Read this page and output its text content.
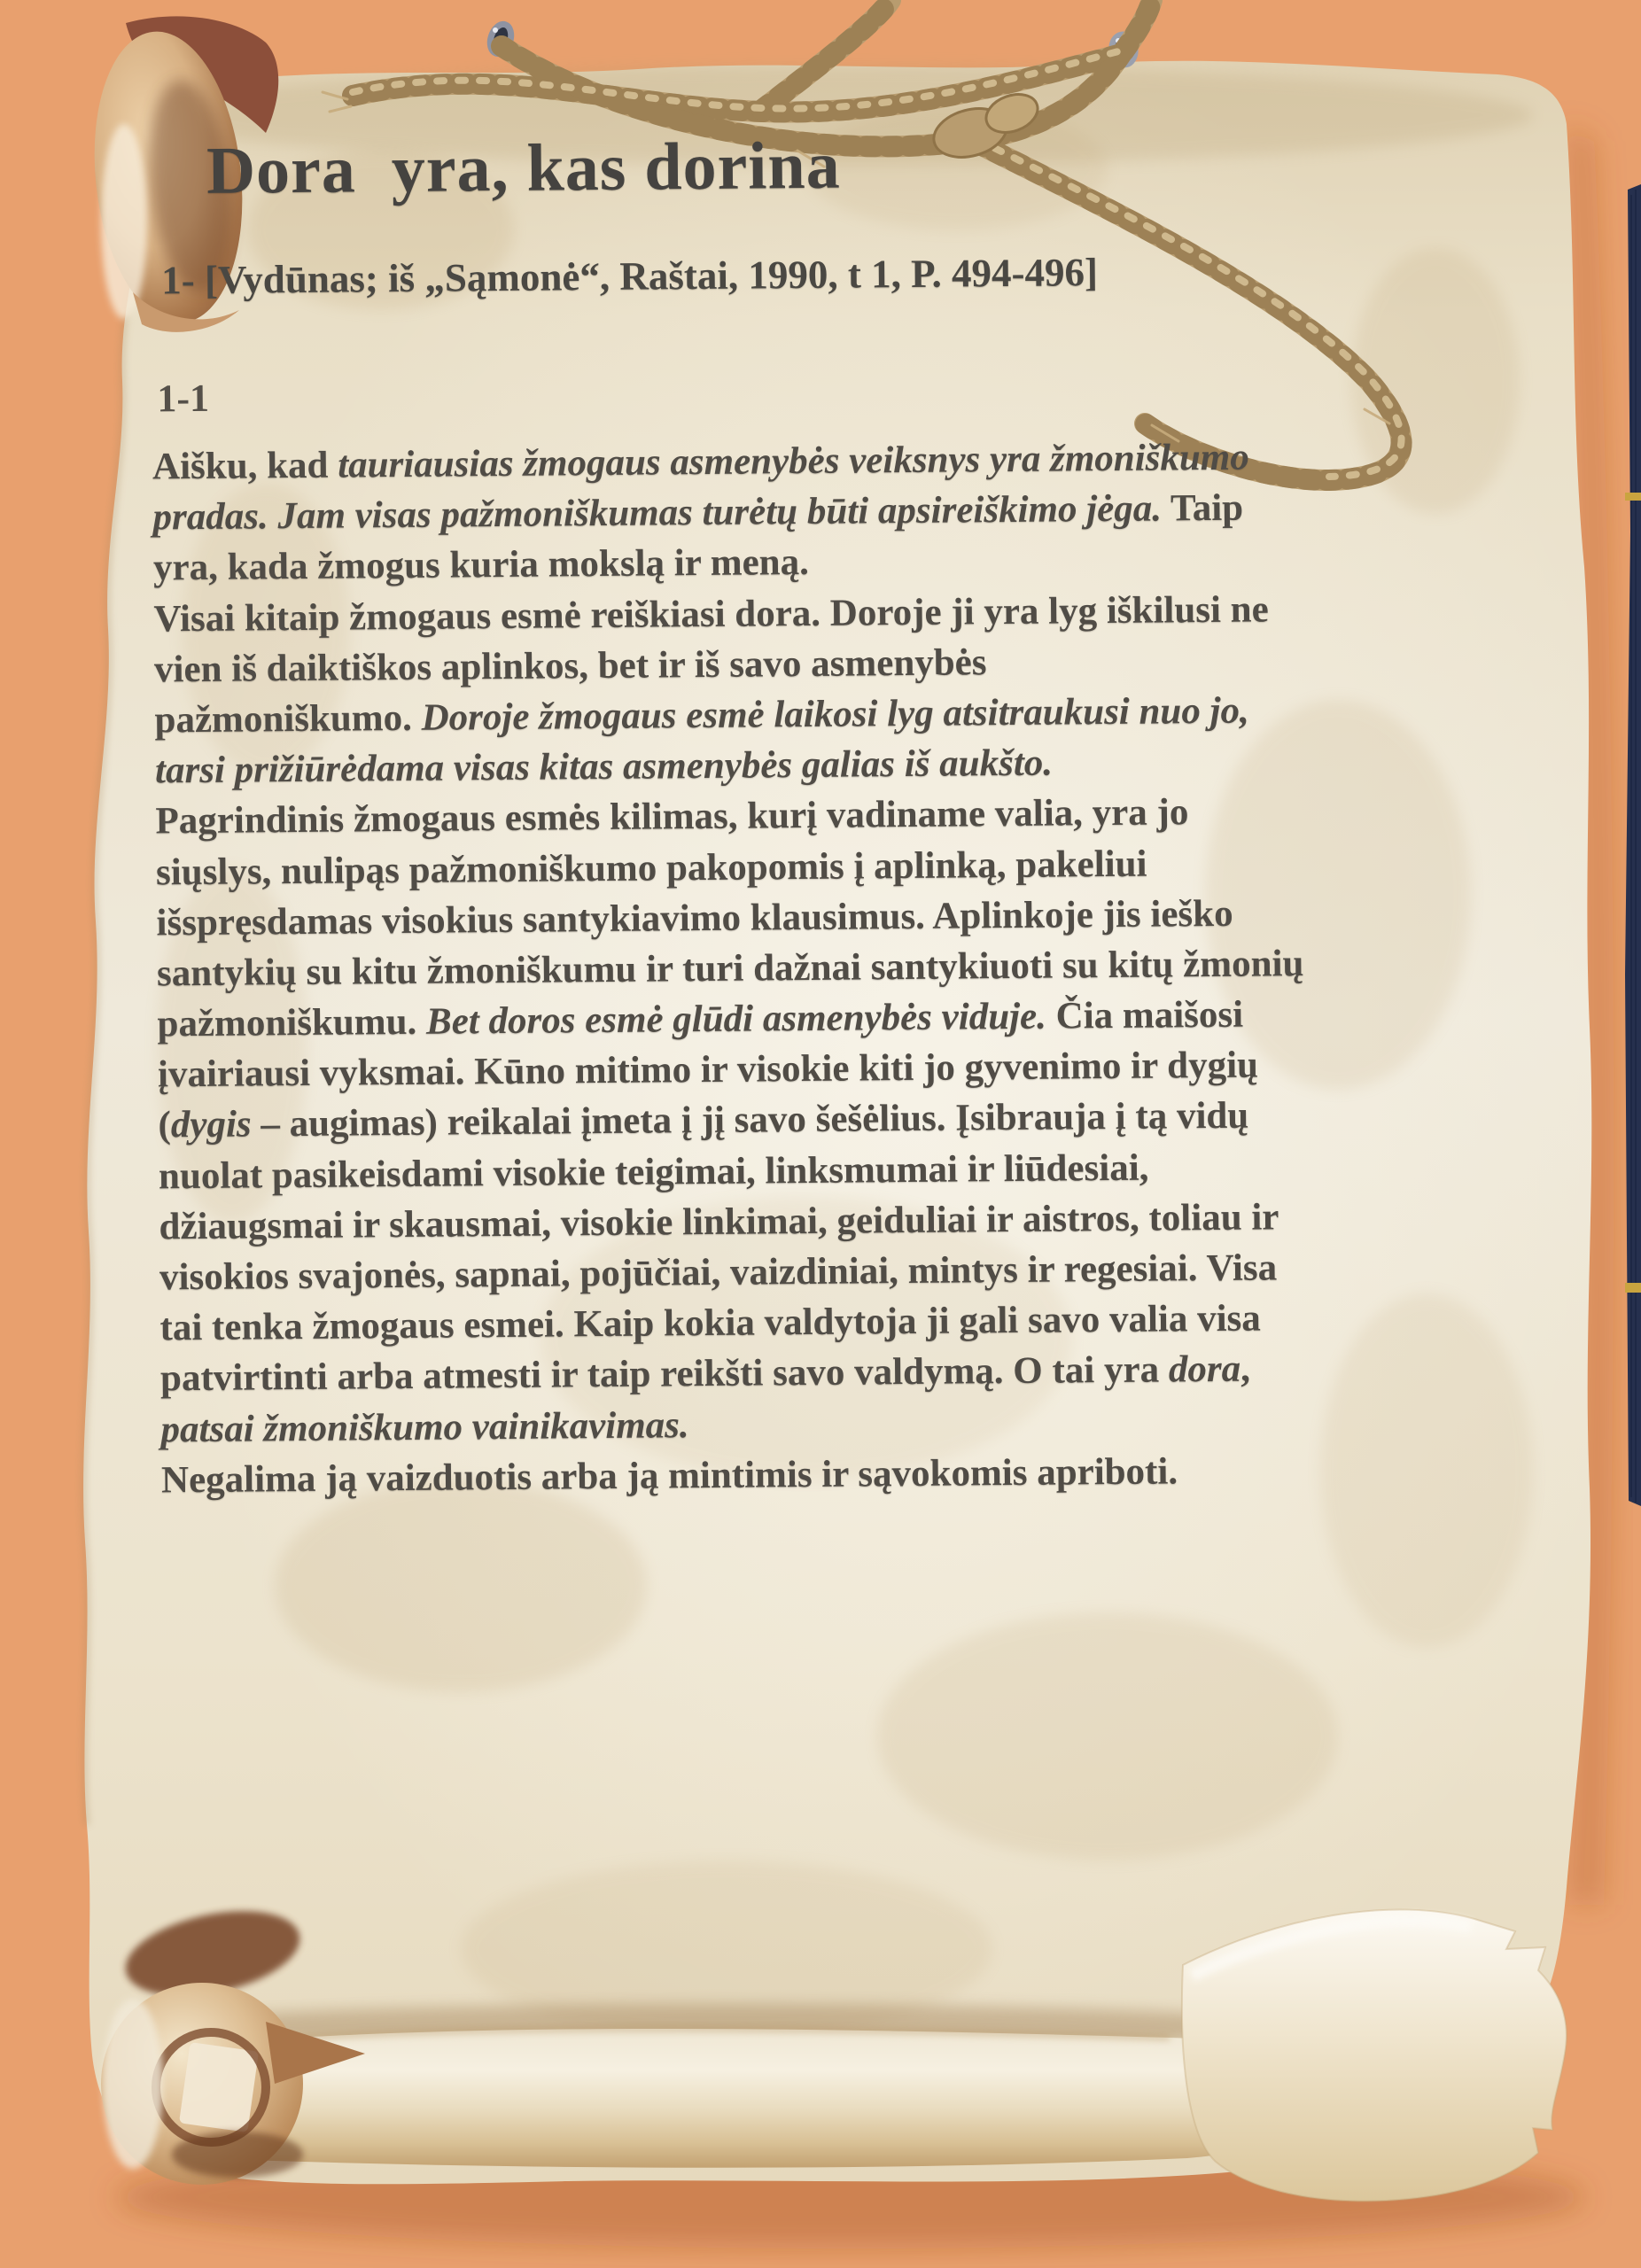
Dora  yra, kas dorina
1- [Vydūnas; iš „Sąmonė“, Raštai, 1990, t 1, P. 494-496]
1-1
Aišku, kad tauriausias žmogaus asmenybės veiksnys yra žmoniškumo
pradas. Jam visas pažmoniškumas turėtų būti apsireiškimo jėga. Taip
yra, kada žmogus kuria mokslą ir meną.
Visai kitaip žmogaus esmė reiškiasi dora. Doroje ji yra lyg iškilusi ne
vien iš daiktiškos aplinkos, bet ir iš savo asmenybės
pažmoniškumo. Doroje žmogaus esmė laikosi lyg atsitraukusi nuo jo,
tarsi prižiūrėdama visas kitas asmenybės galias iš aukšto.
Pagrindinis žmogaus esmės kilimas, kurį vadiname valia, yra jo
siųslys, nulipąs pažmoniškumo pakopomis į aplinką, pakeliui
išspręsdamas visokius santykiavimo klausimus. Aplinkoje jis ieško
santykių su kitu žmoniškumu ir turi dažnai santykiuoti su kitų žmonių
pažmoniškumu. Bet doros esmė glūdi asmenybės viduje. Čia maišosi
įvairiausi vyksmai. Kūno mitimo ir visokie kiti jo gyvenimo ir dygių
(dygis – augimas) reikalai įmeta į jį savo šešėlius. Įsibrauja į tą vidų
nuolat pasikeisdami visokie teigimai, linksmumai ir liūdesiai,
džiaugsmai ir skausmai, visokie linkimai, geiduliai ir aistros, toliau ir
visokios svajonės, sapnai, pojūčiai, vaizdiniai, mintys ir regesiai. Visa
tai tenka žmogaus esmei. Kaip kokia valdytoja ji gali savo valia visa
patvirtinti arba atmesti ir taip reikšti savo valdymą. O tai yra dora,
patsai žmoniškumo vainikavimas.
Negalima ją vaizduotis arba ją mintimis ir sąvokomis apriboti.
